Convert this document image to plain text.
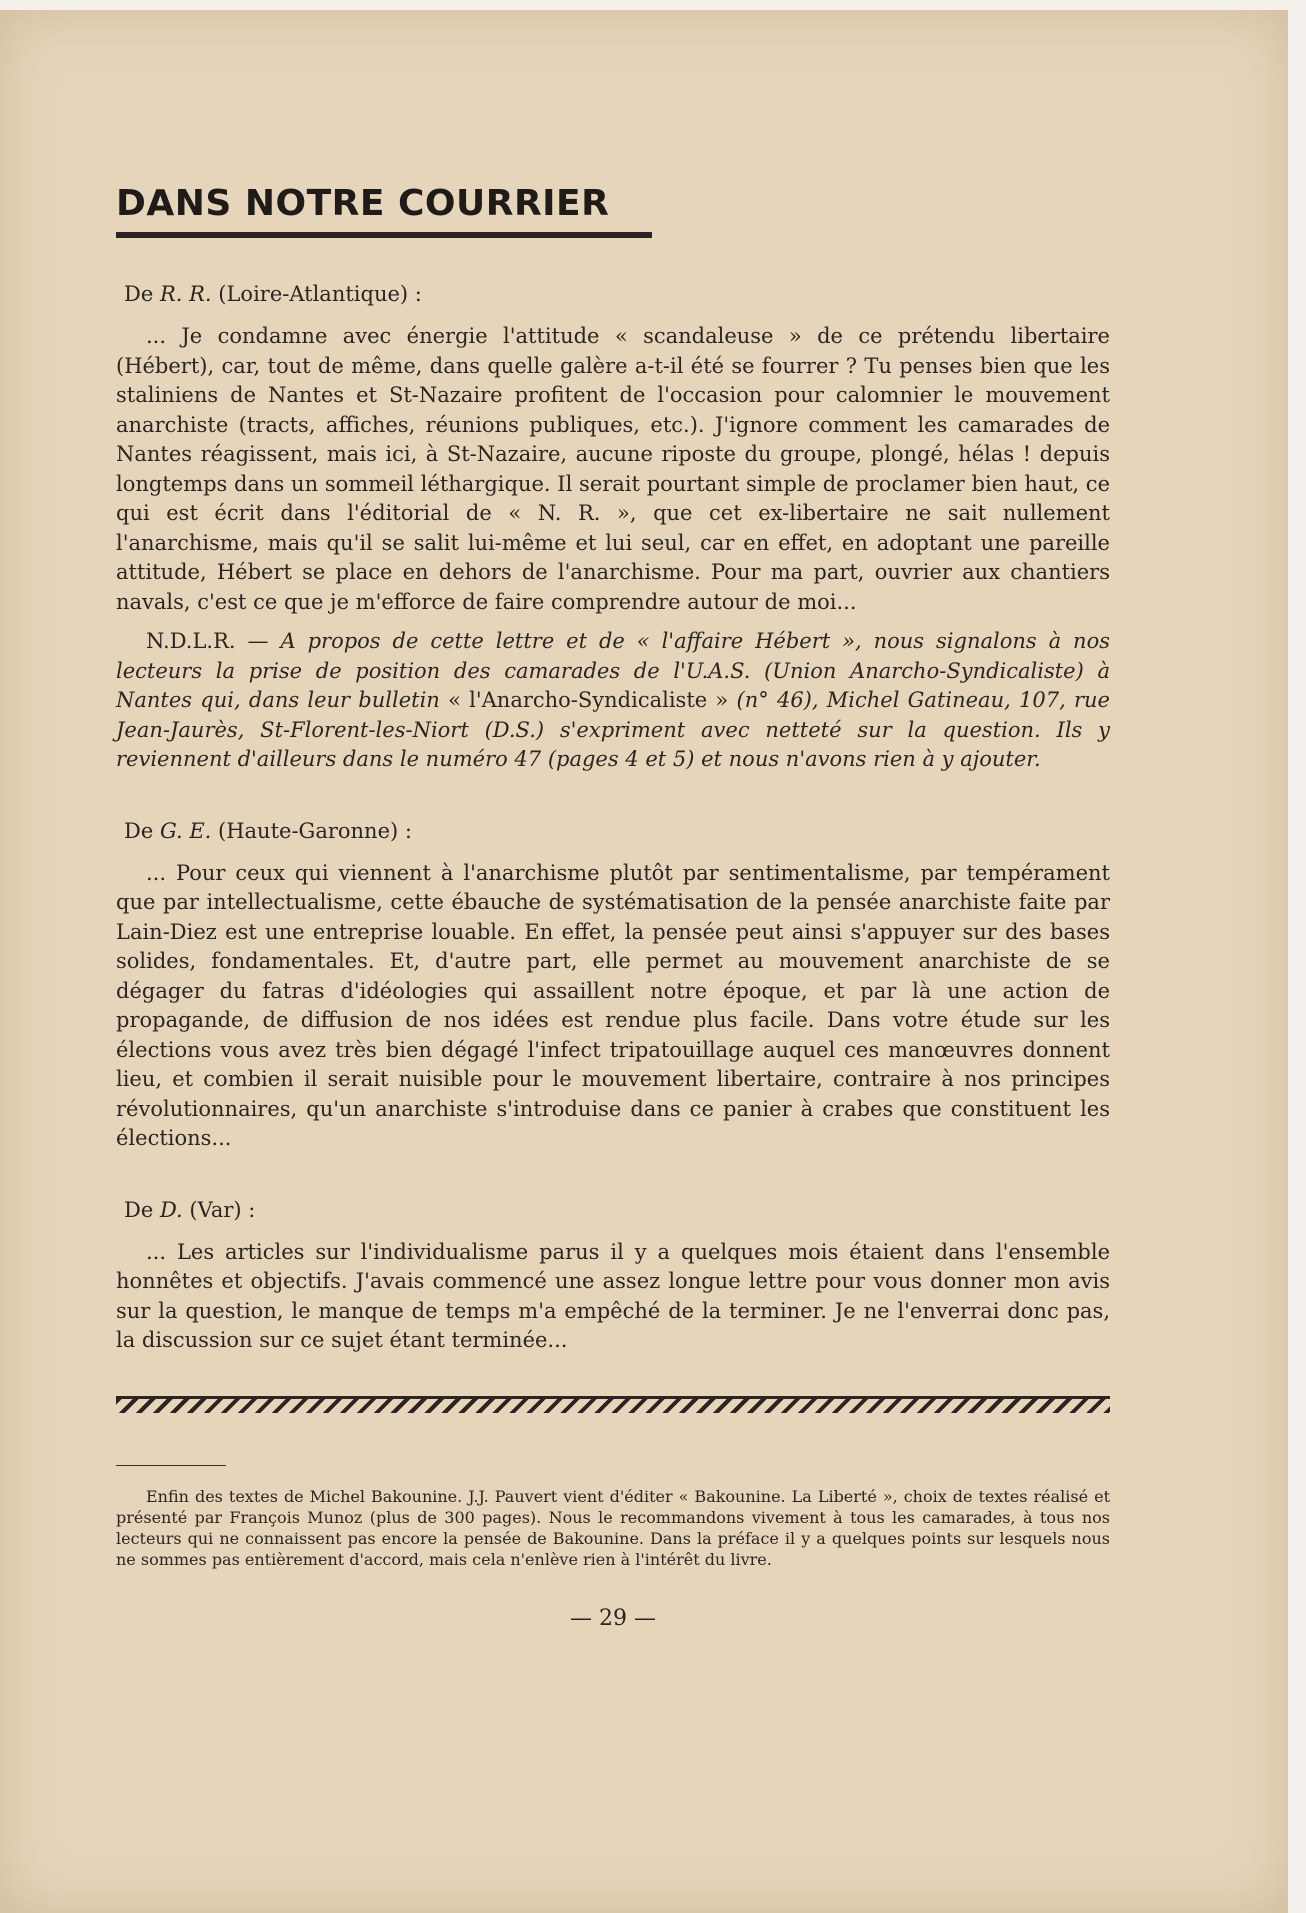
DANS NOTRE COURRIER
De R. R. (Loire-Atlantique) :

... Je condamne avec énergie l'attitude « scandaleuse » de ce prétendu libertaire (Hébert), car, tout de même, dans quelle galère a-t-il été se fourrer ? Tu penses bien que les staliniens de Nantes et St-Nazaire profitent de l'occasion pour calomnier le mouvement anarchiste (tracts, affiches, réunions publiques, etc.). J'ignore comment les camarades de Nantes réagissent, mais ici, à St-Nazaire, aucune riposte du groupe, plongé, hélas ! depuis longtemps dans un sommeil léthargique. Il serait pourtant simple de proclamer bien haut, ce qui est écrit dans l'éditorial de « N. R. », que cet ex-libertaire ne sait nullement l'anarchisme, mais qu'il se salit lui-même et lui seul, car en effet, en adoptant une pareille attitude, Hébert se place en dehors de l'anarchisme. Pour ma part, ouvrier aux chantiers navals, c'est ce que je m'efforce de faire comprendre autour de moi...

N.D.L.R. — A propos de cette lettre et de « l'affaire Hébert », nous signalons à nos lecteurs la prise de position des camarades de l'U.A.S. (Union Anarcho-Syndicaliste) à Nantes qui, dans leur bulletin « l'Anarcho-Syndicaliste » (n° 46), Michel Gatineau, 107, rue Jean-Jaurès, St-Florent-les-Niort (D.S.) s'expriment avec netteté sur la question. Ils y reviennent d'ailleurs dans le numéro 47 (pages 4 et 5) et nous n'avons rien à y ajouter.

De G. E. (Haute-Garonne) :

... Pour ceux qui viennent à l'anarchisme plutôt par sentimentalisme, par tempérament que par intellectualisme, cette ébauche de systématisation de la pensée anarchiste faite par Lain-Diez est une entreprise louable. En effet, la pensée peut ainsi s'appuyer sur des bases solides, fondamentales. Et, d'autre part, elle permet au mouvement anarchiste de se dégager du fatras d'idéologies qui assaillent notre époque, et par là une action de propagande, de diffusion de nos idées est rendue plus facile. Dans votre étude sur les élections vous avez très bien dégagé l'infect tripatouillage auquel ces manœuvres donnent lieu, et combien il serait nuisible pour le mouvement libertaire, contraire à nos principes révolutionnaires, qu'un anarchiste s'introduise dans ce panier à crabes que constituent les élections...

De D. (Var) :

... Les articles sur l'individualisme parus il y a quelques mois étaient dans l'ensemble honnêtes et objectifs. J'avais commencé une assez longue lettre pour vous donner mon avis sur la question, le manque de temps m'a empêché de la terminer. Je ne l'enverrai donc pas, la discussion sur ce sujet étant terminée...

Enfin des textes de Michel Bakounine. J.J. Pauvert vient d'éditer « Bakounine. La Liberté », choix de textes réalisé et présenté par François Munoz (plus de 300 pages). Nous le recommandons vivement à tous les camarades, à tous nos lecteurs qui ne connaissent pas encore la pensée de Bakounine. Dans la préface il y a quelques points sur lesquels nous ne sommes pas entièrement d'accord, mais cela n'enlève rien à l'intérêt du livre.

— 29 —
